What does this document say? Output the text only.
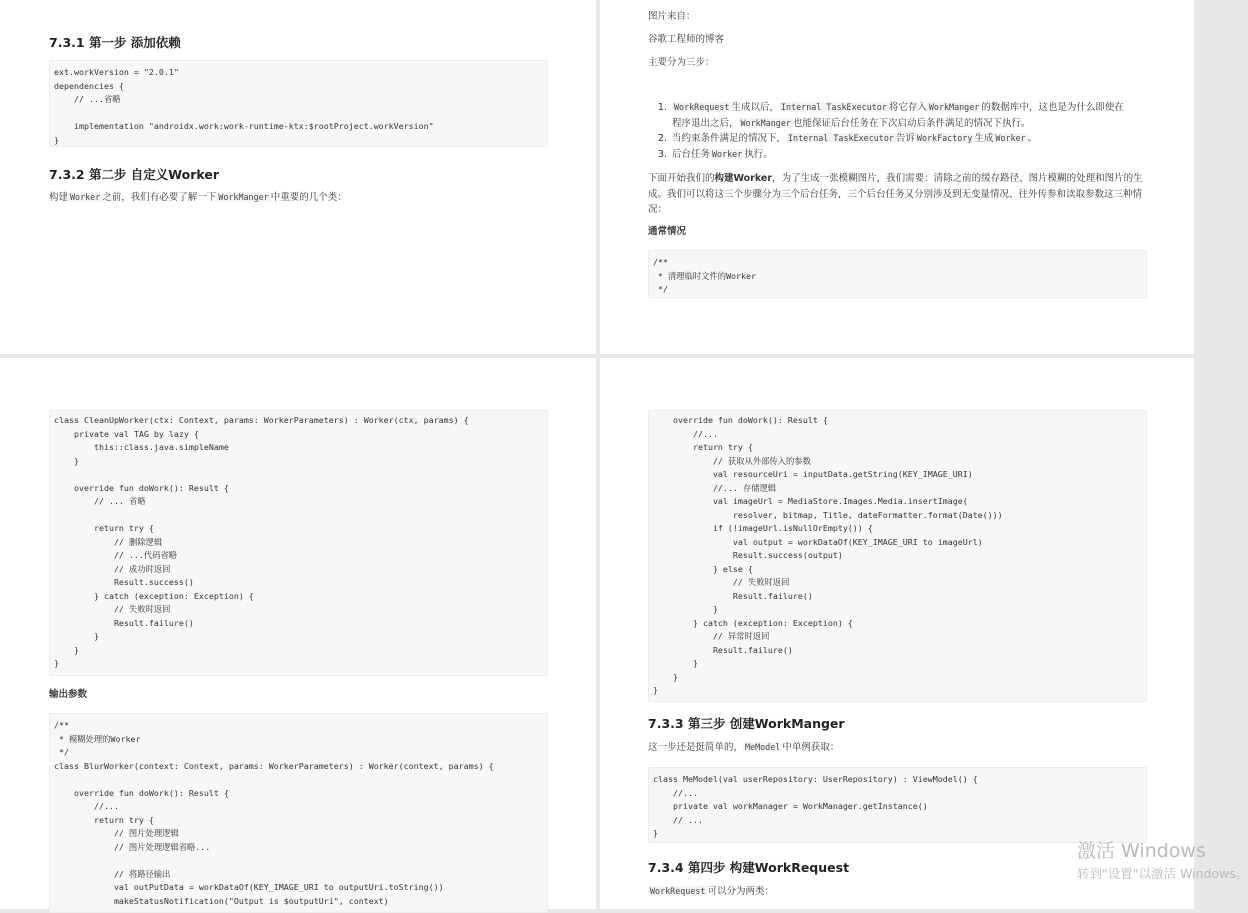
7.3.1 第一步 添加依赖
ext.workVersion = "2.0.1"
dependencies {
// ...省略
implementation "androidx.work:work-runtime-ktx:$rootProject.workVersion"
}
7.3.2 第二步 自定义Worker
构建 Worker 之前，我们有必要了解一下 WorkManger 中重要的几个类：
图片来自：
谷歌工程师的博客
主要分为三步：
1. WorkRequest 生成以后， Internal TaskExecutor 将它存入 WorkManger 的数据库中，这也是为什么即使在
程序退出之后， WorkManger 也能保证后台任务在下次启动后条件满足的情况下执行。
2. 当约束条件满足的情况下， Internal TaskExecutor 告诉 WorkFactory 生成 Worker 。
3. 后台任务 Worker 执行。
下面开始我们的构建Worker，为了生成一张模糊图片，我们需要：清除之前的缓存路径、图片模糊的处理和图片的生成。我们可以将这三个步骤分为三个后台任务，三个后台任务又分别涉及到无变量情况、往外传参和读取参数这三种情况：
通常情况
/**
* 清理临时文件的Worker
*/
class CleanUpWorker(ctx: Context, params: WorkerParameters) : Worker(ctx, params) {
private val TAG by lazy {
this::class.java.simpleName
}
override fun doWork(): Result {
// ... 省略
return try {
// 删除逻辑
// ...代码省略
// 成功时返回
Result.success()
} catch (exception: Exception) {
// 失败时返回
Result.failure()
}
}
}
输出参数
/**
* 模糊处理的Worker
*/
class BlurWorker(context: Context, params: WorkerParameters) : Worker(context, params) {
override fun doWork(): Result {
//...
return try {
// 图片处理逻辑
// 图片处理逻辑省略...
// 将路径输出
val outPutData = workDataOf(KEY_IMAGE_URI to outputUri.toString())
makeStatusNotification("Output is $outputUri", context)
override fun doWork(): Result {
//...
return try {
// 获取从外部传入的参数
val resourceUri = inputData.getString(KEY_IMAGE_URI)
//... 存储逻辑
val imageUrl = MediaStore.Images.Media.insertImage(
resolver, bitmap, Title, dateFormatter.format(Date()))
if (!imageUrl.isNullOrEmpty()) {
val output = workDataOf(KEY_IMAGE_URI to imageUrl)
Result.success(output)
} else {
// 失败时返回
Result.failure()
}
} catch (exception: Exception) {
// 异常时返回
Result.failure()
}
}
}
7.3.3 第三步 创建WorkManger
这一步还是挺简单的， MeModel 中单例获取：
class MeModel(val userRepository: UserRepository) : ViewModel() {
//...
private val workManager = WorkManager.getInstance()
// ...
}
7.3.4 第四步 构建WorkRequest
WorkRequest 可以分为两类：
激活 Windows
转到"设置"以激活 Windows。
